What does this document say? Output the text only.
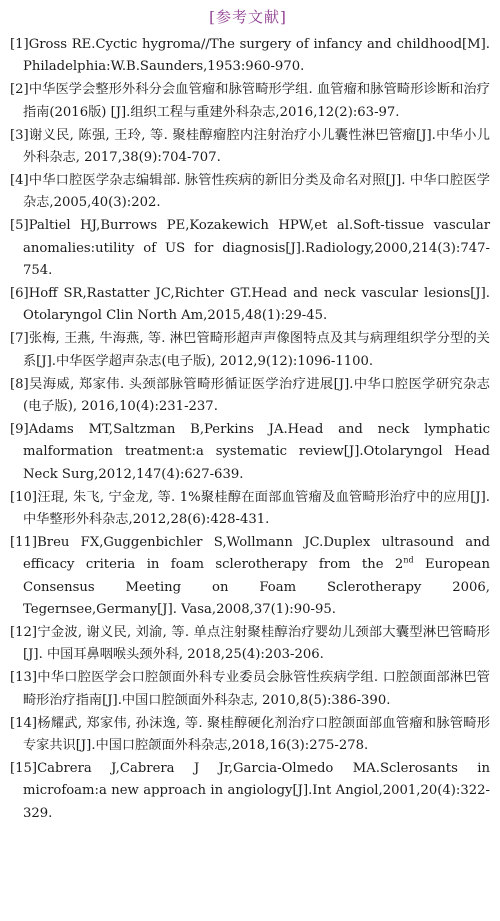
[参考文献]
[1]Gross RE.Cyctic hygroma//The surgery of infancy and childhood[M]. Philadelphia:W.B.Saunders,1953:960-970.
[2]中华医学会整形外科分会血管瘤和脉管畸形学组. 血管瘤和脉管畸形诊断和治疗指南(2016版) [J].组织工程与重建外科杂志,2016,12(2):63-97.
[3]谢义民, 陈强, 王玲, 等. 聚桂醇瘤腔内注射治疗小儿囊性淋巴管瘤[J].中华小儿外科杂志, 2017,38(9):704-707.
[4]中华口腔医学杂志编辑部. 脉管性疾病的新旧分类及命名对照[J]. 中华口腔医学杂志,2005,40(3):202.
[5]Paltiel HJ,Burrows PE,Kozakewich HPW,et al.Soft-tissue vascular anomalies:utility of US for diagnosis[J].Radiology,2000,214(3):747-754.
[6]Hoff SR,Rastatter JC,Richter GT.Head and neck vascular lesions[J]. Otolaryngol Clin North Am,2015,48(1):29-45.
[7]张梅, 王燕, 牛海燕, 等. 淋巴管畸形超声声像图特点及其与病理组织学分型的关系[J].中华医学超声杂志(电子版), 2012,9(12):1096-1100.
[8]吴海威, 郑家伟. 头颈部脉管畸形循证医学治疗进展[J].中华口腔医学研究杂志(电子版), 2016,10(4):231-237.
[9]Adams MT,Saltzman B,Perkins JA.Head and neck lymphatic malformation treatment:a systematic review[J].Otolaryngol Head Neck Surg,2012,147(4):627-639.
[10]汪琨, 朱飞, 宁金龙, 等. 1%聚桂醇在面部血管瘤及血管畸形治疗中的应用[J]. 中华整形外科杂志,2012,28(6):428-431.
[11]Breu FX,Guggenbichler S,Wollmann JC.Duplex ultrasound and efficacy criteria in foam sclerotherapy from the 2nd European Consensus Meeting on Foam Sclerotherapy 2006, Tegernsee,Germany[J]. Vasa,2008,37(1):90-95.
[12]宁金波, 谢义民, 刘渝, 等. 单点注射聚桂醇治疗婴幼儿颈部大囊型淋巴管畸形[J]. 中国耳鼻咽喉头颈外科, 2018,25(4):203-206.
[13]中华口腔医学会口腔颌面外科专业委员会脉管性疾病学组. 口腔颌面部淋巴管畸形治疗指南[J].中国口腔颌面外科杂志, 2010,8(5):386-390.
[14]杨耀武, 郑家伟, 孙沫逸, 等. 聚桂醇硬化剂治疗口腔颌面部血管瘤和脉管畸形专家共识[J].中国口腔颌面外科杂志,2018,16(3):275-278.
[15]Cabrera J,Cabrera J Jr,Garcia-Olmedo MA.Sclerosants in microfoam:a new approach in angiology[J].Int Angiol,2001,20(4):322-329.
